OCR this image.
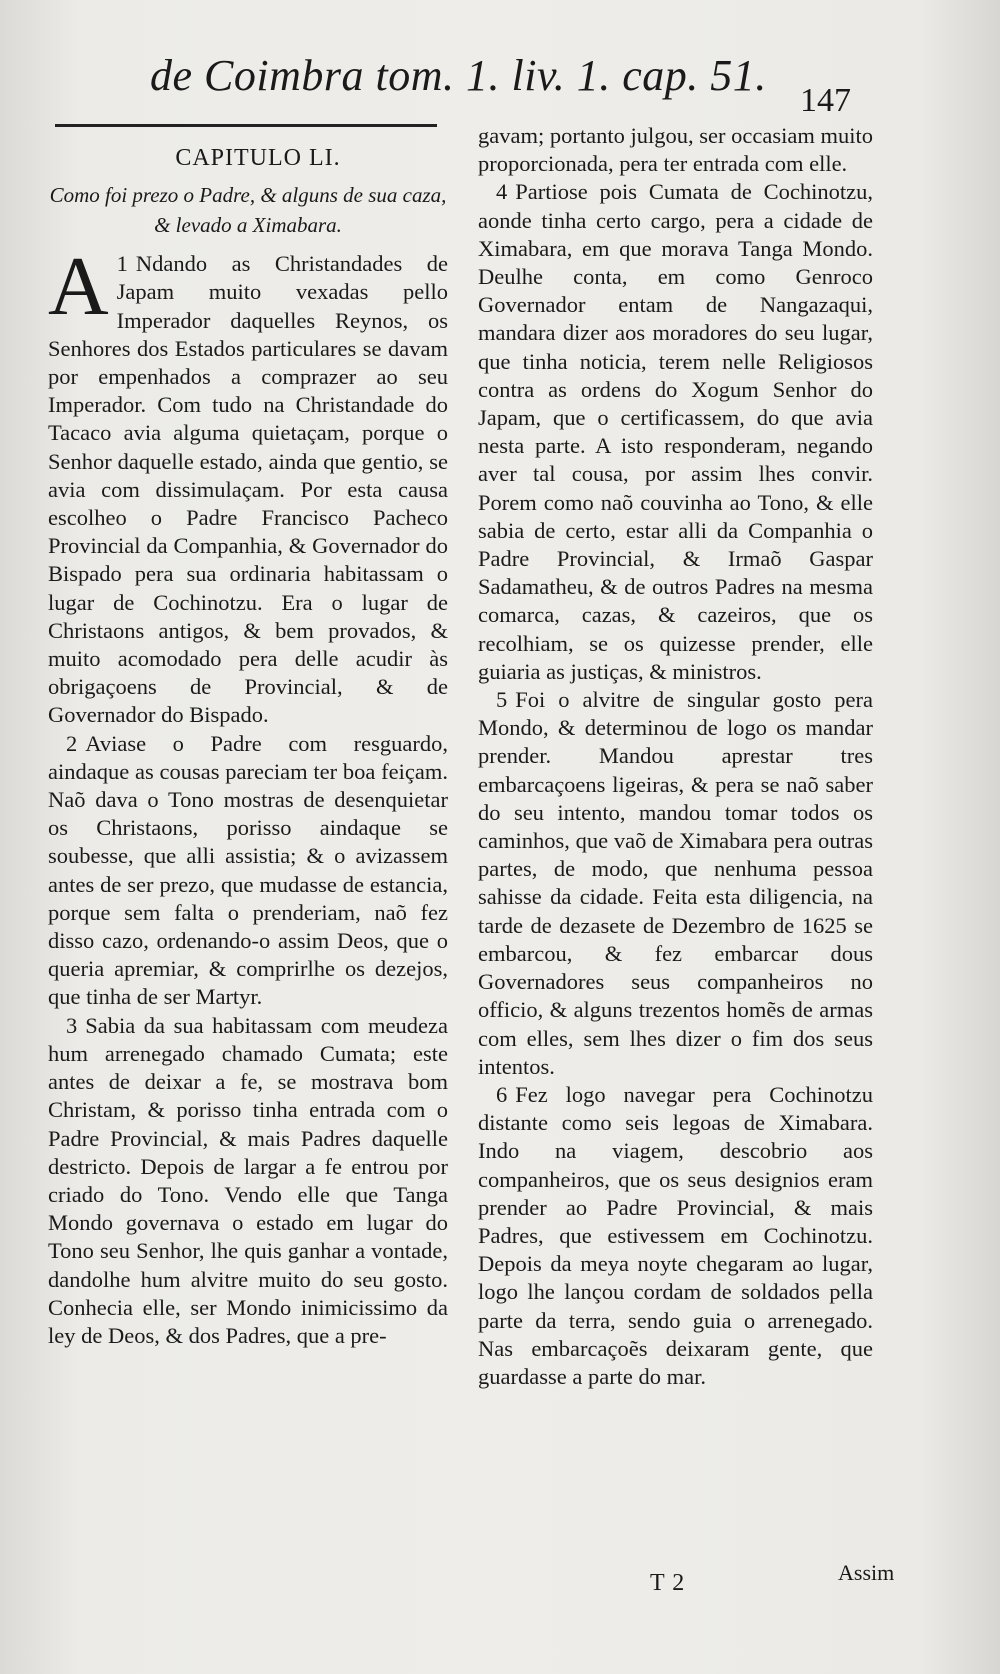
de Coimbra tom. 1. liv. 1. cap. 51.
147

CAPITULO LI.
Como foi prezo o Padre, & alguns de sua caza, & levado a Ximabara.

1
A Ndando as Christandades de Japam muito vexadas pello Imperador daquelles Reynos, os Senhores dos Estados particulares se davam por empenhados a comprazer ao seu Imperador. Com tudo na Christandade do Tacaco avia alguma quietaçam, porque o Senhor daquelle estado, ainda que gentio, se avia com dissimulaçam. Por esta causa escolheo o Padre Francisco Pacheco Provincial da Companhia, & Governador do Bispado pera sua ordinaria habitassam o lugar de Cochinotzu. Era o lugar de Christaons antigos, & bem provados, & muito acomodado pera delle acudir às obrigaçoens de Provincial, & de Governador do Bispado.

2 Aviase o Padre com resguardo, aindaque as cousas pareciam ter boa feiçam. Naõ dava o Tono mostras de desenquietar os Christaons, porisso aindaque se soubesse, que alli assistia; & o avizassem antes de ser prezo, que mudasse de estancia, porque sem falta o prenderiam, naõ fez disso cazo, ordenando-o assim Deos, que o queria apremiar, & comprirlhe os dezejos, que tinha de ser Martyr.

3 Sabia da sua habitassam com meudeza hum arrenegado chamado Cumata; este antes de deixar a fe, se mostrava bom Christam, & porisso tinha entrada com o Padre Provincial, & mais Padres daquelle destricto. Depois de largar a fe entrou por criado do Tono. Vendo elle que Tanga Mondo governava o estado em lugar do Tono seu Senhor, lhe quis ganhar a vontade, dandolhe hum alvitre muito do seu gosto. Conhecia elle, ser Mondo inimicissimo da ley de Deos, & dos Padres, que a pre-

gavam; portanto julgou, ser occasiam muito proporcionada, pera ter entrada com elle.

4 Partiose pois Cumata de Cochinotzu, aonde tinha certo cargo, pera a cidade de Ximabara, em que morava Tanga Mondo. Deulhe conta, em como Genroco Governador entam de Nangazaqui, mandara dizer aos moradores do seu lugar, que tinha noticia, terem nelle Religiosos contra as ordens do Xogum Senhor do Japam, que o certificassem, do que avia nesta parte. A isto responderam, negando aver tal cousa, por assim lhes convir. Porem como naõ couvinha ao Tono, & elle sabia de certo, estar alli da Companhia o Padre Provincial, & Irmaõ Gaspar Sadamatheu, & de outros Padres na mesma comarca, cazas, & cazeiros, que os recolhiam, se os quizesse prender, elle guiaria as justiças, & ministros.

5 Foi o alvitre de singular gosto pera Mondo, & determinou de logo os mandar prender. Mandou aprestar tres embarcaçoens ligeiras, & pera se naõ saber do seu intento, mandou tomar todos os caminhos, que vaõ de Ximabara pera outras partes, de modo, que nenhuma pessoa sahisse da cidade. Feita esta diligencia, na tarde de dezasete de Dezembro de 1625 se embarcou, & fez embarcar dous Governadores seus companheiros no officio, & alguns trezentos homẽs de armas com elles, sem lhes dizer o fim dos seus intentos.

6 Fez logo navegar pera Cochinotzu distante como seis legoas de Ximabara. Indo na viagem, descobrio aos companheiros, que os seus designios eram prender ao Padre Provincial, & mais Padres, que estivessem em Cochinotzu. Depois da meya noyte chegaram ao lugar, logo lhe lançou cordam de soldados pella parte da terra, sendo guia o arrenegado. Nas embarcaçoẽs deixaram gente, que guardasse a parte do mar.

T 2	Assim
